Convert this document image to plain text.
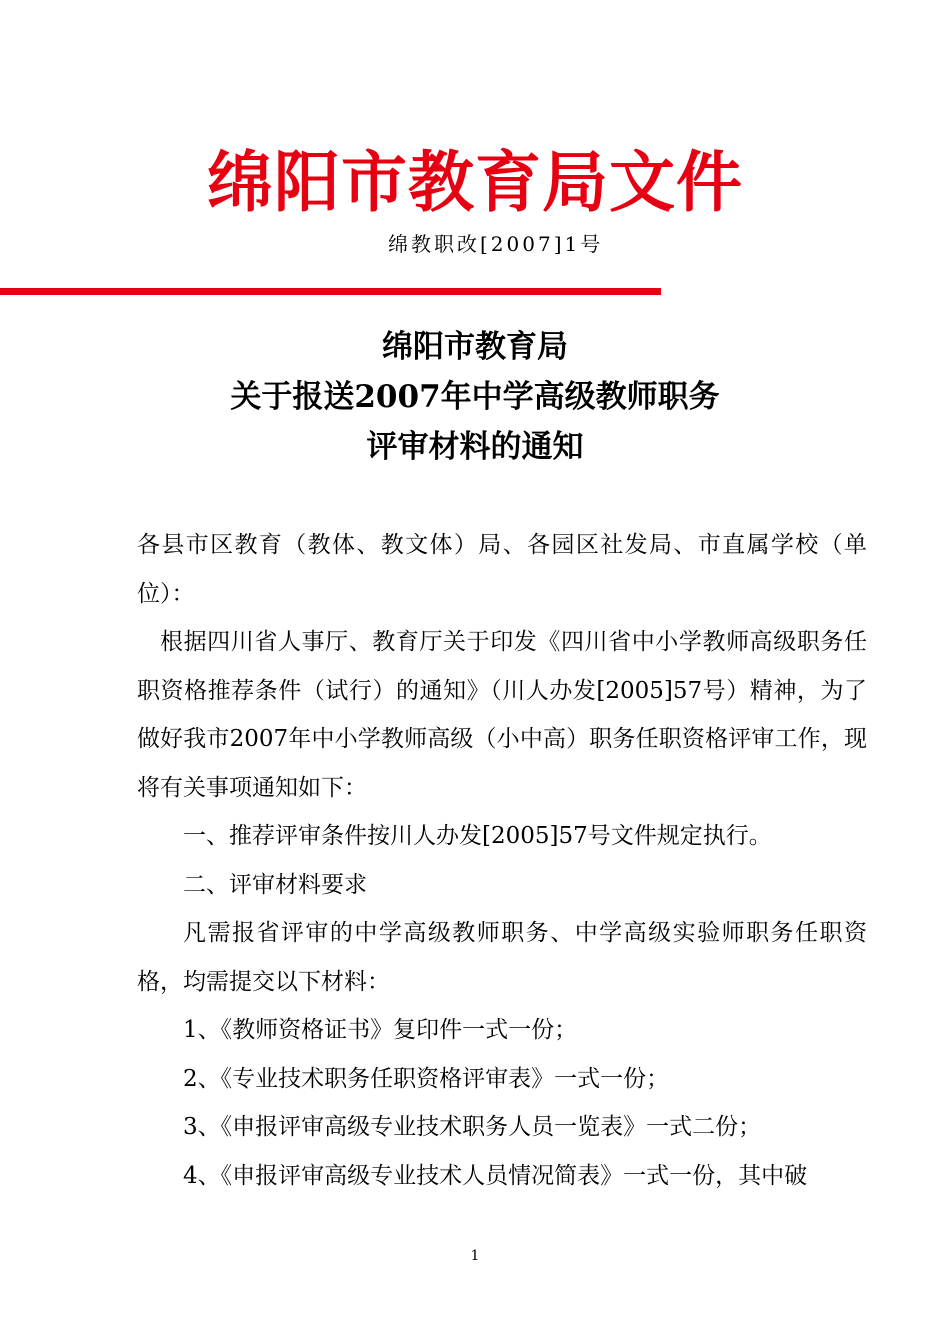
绵阳市教育局文件
绵教职改[2007]1号
绵阳市教育局
关于报送2007年中学高级教师职务
评审材料的通知

各县市区教育（教体、教文体）局、各园区社发局、市直属学校（单位）：

根据四川省人事厅、教育厅关于印发《四川省中小学教师高级职务任职资格推荐条件（试行）的通知》（川人办发[2005]57号）精神，为了做好我市2007年中小学教师高级（小中高）职务任职资格评审工作，现将有关事项通知如下：

一、推荐评审条件按川人办发[2005]57号文件规定执行。

二、评审材料要求

凡需报省评审的中学高级教师职务、中学高级实验师职务任职资格，均需提交以下材料：

1、《教师资格证书》复印件一式一份；

2、《专业技术职务任职资格评审表》一式一份；

3、《申报评审高级专业技术职务人员一览表》一式二份；

4、《申报评审高级专业技术人员情况简表》一式一份，其中破

1
